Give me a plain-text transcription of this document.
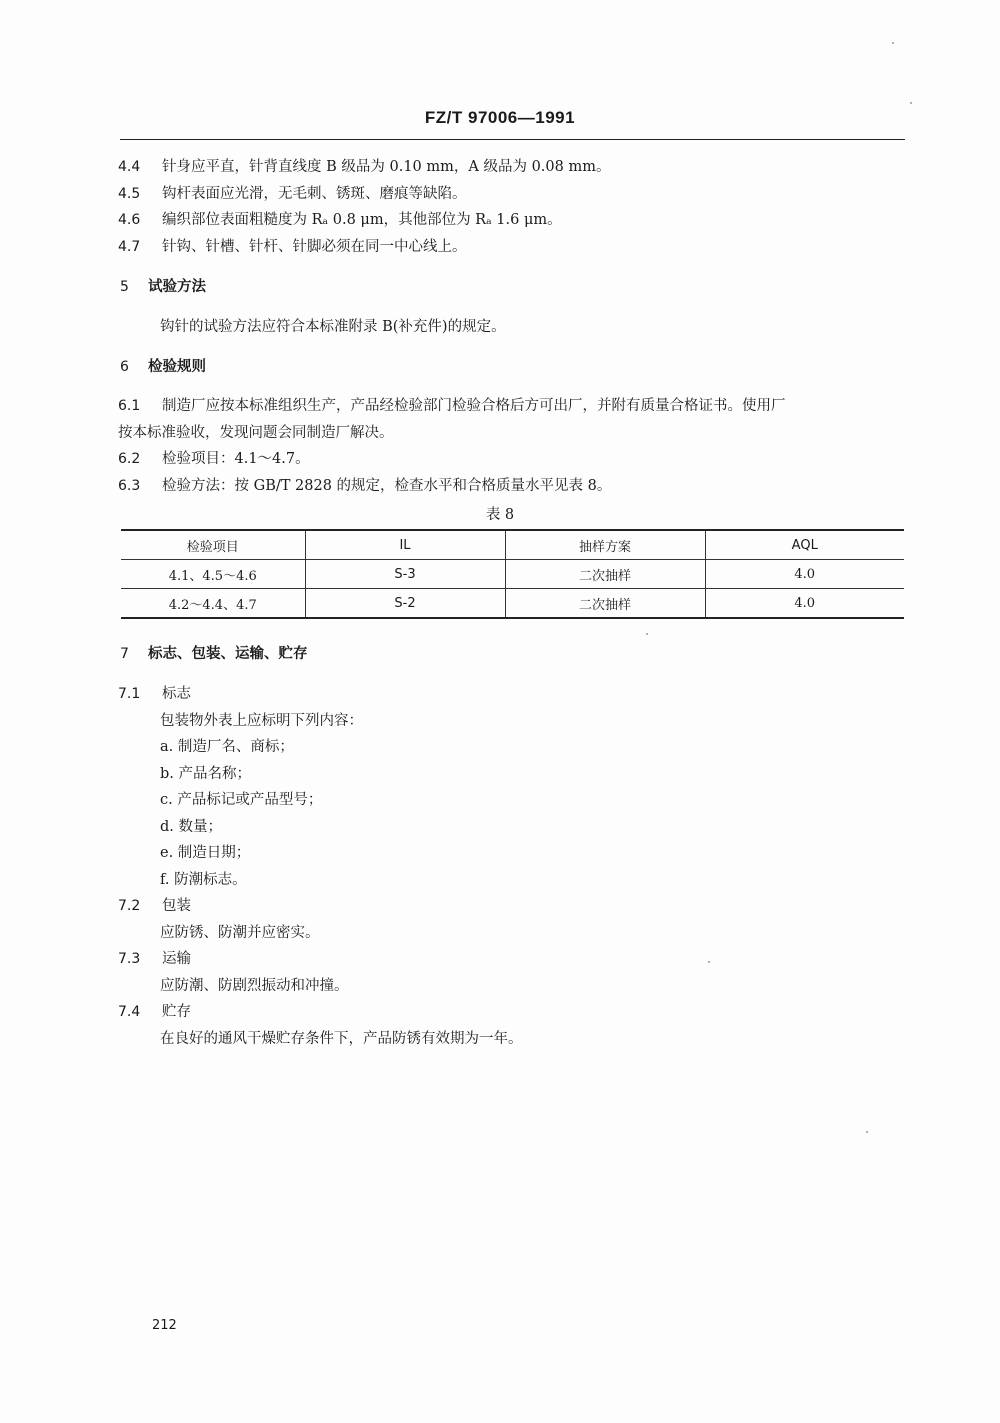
FZ/T 97006—1991
4.4 针身应平直，针背直线度 B 级品为 0.10 mm，A 级品为 0.08 mm。
4.5 钩杆表面应光滑，无毛刺、锈斑、磨痕等缺陷。
4.6 编织部位表面粗糙度为 Rₐ 0.8 μm，其他部位为 Rₐ 1.6 μm。
4.7 针钩、针槽、针杆、针脚必须在同一中心线上。
5 试验方法
钩针的试验方法应符合本标准附录 B(补充件)的规定。
6 检验规则
6.1 制造厂应按本标准组织生产，产品经检验部门检验合格后方可出厂，并附有质量合格证书。使用厂
按本标准验收，发现问题会同制造厂解决。
6.2 检验项目：4.1～4.7。
6.3 检验方法：按 GB/T 2828 的规定，检查水平和合格质量水平见表 8。
表 8
检验项目	IL	抽样方案	AQL
4.1、4.5～4.6	S-3	二次抽样	4.0
4.2～4.4、4.7	S-2	二次抽样	4.0
7 标志、包装、运输、贮存
7.1 标志
包装物外表上应标明下列内容：
a. 制造厂名、商标；
b. 产品名称；
c. 产品标记或产品型号；
d. 数量；
e. 制造日期；
f. 防潮标志。
7.2 包装
应防锈、防潮并应密实。
7.3 运输
应防潮、防剧烈振动和冲撞。
7.4 贮存
在良好的通风干燥贮存条件下，产品防锈有效期为一年。
212
